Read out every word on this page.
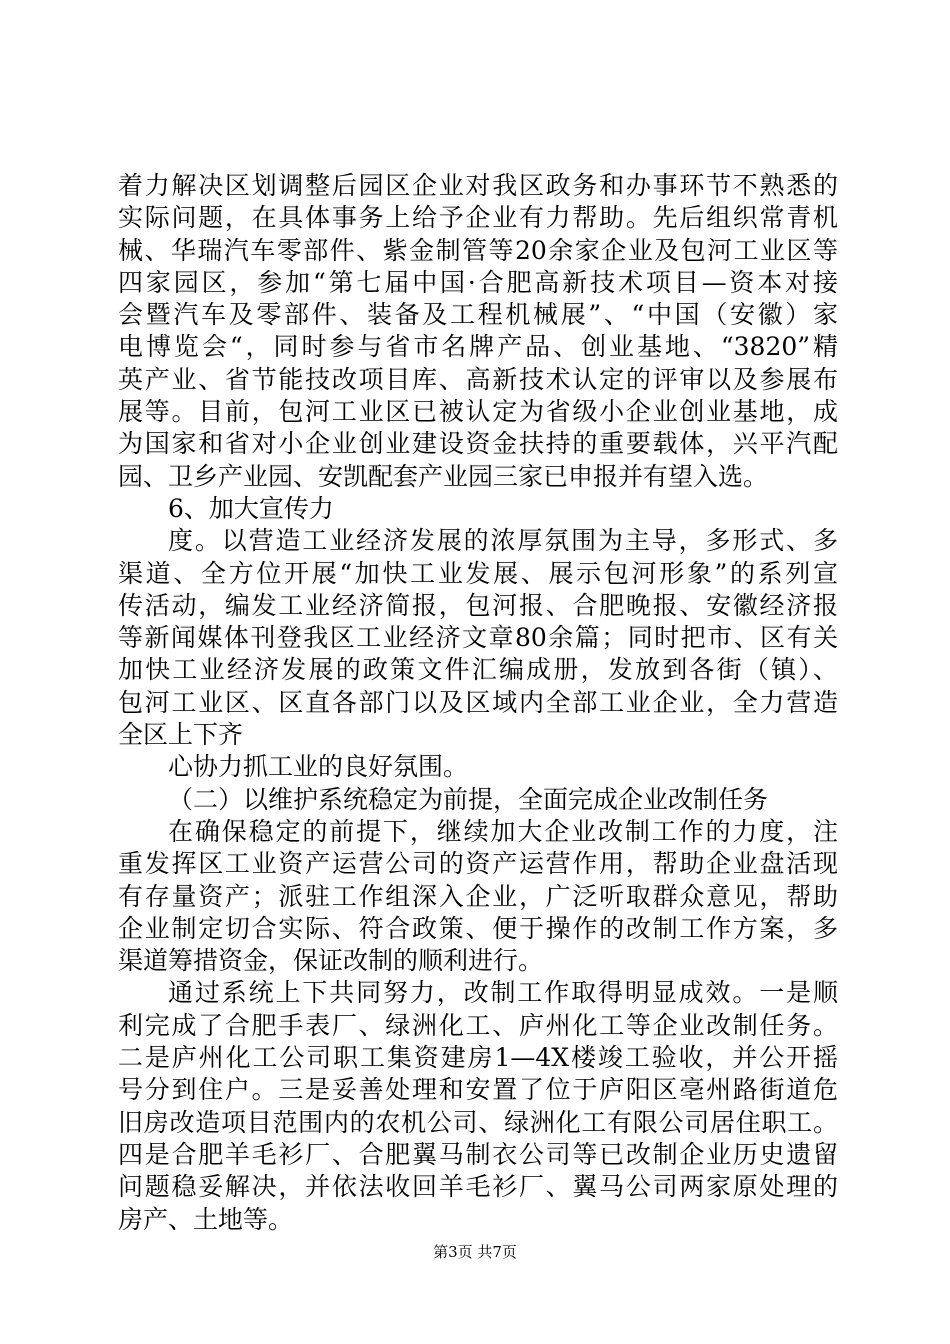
着力解决区划调整后园区企业对我区政务和办事环节不熟悉的
实际问题，在具体事务上给予企业有力帮助。先后组织常青机
械、华瑞汽车零部件、紫金制管等20余家企业及包河工业区等
四家园区，参加“第七届中国·合肥高新技术项目—资本对接
会暨汽车及零部件、装备及工程机械展”、“中国（安徽）家
电博览会“，同时参与省市名牌产品、创业基地、“3820”精
英产业、省节能技改项目库、高新技术认定的评审以及参展布
展等。目前，包河工业区已被认定为省级小企业创业基地，成
为国家和省对小企业创业建设资金扶持的重要载体，兴平汽配
园、卫乡产业园、安凯配套产业园三家已申报并有望入选。
6、加大宣传力
度。以营造工业经济发展的浓厚氛围为主导，多形式、多
渠道、全方位开展“加快工业发展、展示包河形象”的系列宣
传活动，编发工业经济简报，包河报、合肥晚报、安徽经济报
等新闻媒体刊登我区工业经济文章80余篇；同时把市、区有关
加快工业经济发展的政策文件汇编成册，发放到各街（镇）、
包河工业区、区直各部门以及区域内全部工业企业，全力营造
全区上下齐
心协力抓工业的良好氛围。
（二）以维护系统稳定为前提，全面完成企业改制任务
在确保稳定的前提下，继续加大企业改制工作的力度，注
重发挥区工业资产运营公司的资产运营作用，帮助企业盘活现
有存量资产；派驻工作组深入企业，广泛听取群众意见，帮助
企业制定切合实际、符合政策、便于操作的改制工作方案，多
渠道筹措资金，保证改制的顺利进行。
通过系统上下共同努力，改制工作取得明显成效。一是顺
利完成了合肥手表厂、绿洲化工、庐州化工等企业改制任务。
二是庐州化工公司职工集资建房1—4X楼竣工验收，并公开摇
号分到住户。三是妥善处理和安置了位于庐阳区亳州路街道危
旧房改造项目范围内的农机公司、绿洲化工有限公司居住职工。
四是合肥羊毛衫厂、合肥翼马制衣公司等已改制企业历史遗留
问题稳妥解决，并依法收回羊毛衫厂、翼马公司两家原处理的
房产、土地等。
第3页 共7页
